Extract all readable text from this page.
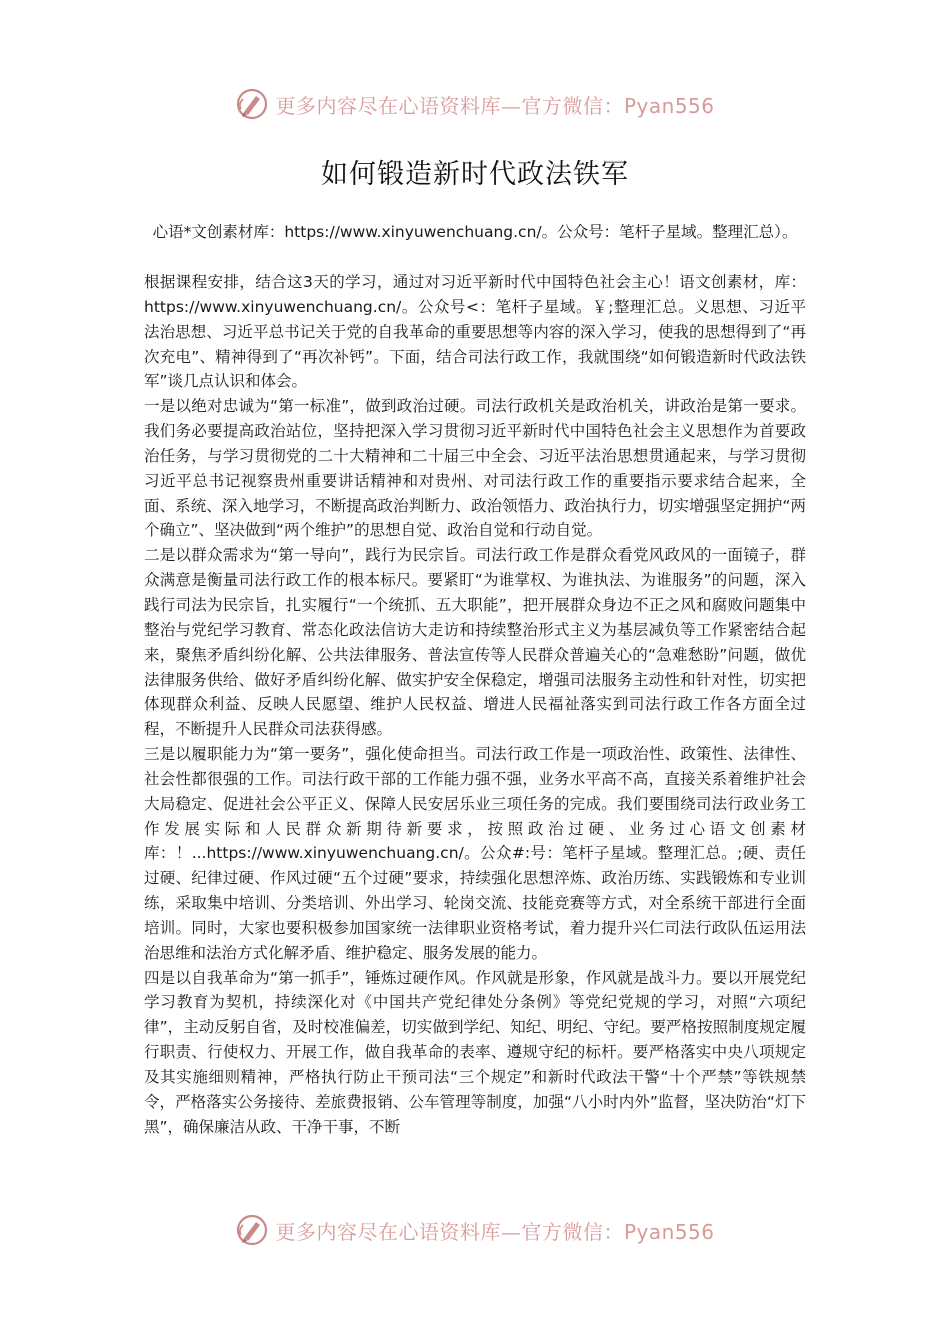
更多内容尽在心语资料库—官方微信：Pyan556
如何锻造新时代政法铁军
心语*文创素材库：https://www.xinyuwenchuang.cn/。公众号：笔杆子星域。整理汇总）。

根据课程安排，结合这3天的学习，通过对习近平新时代中国特色社会主心！语文创素材，库：https://www.xinyuwenchuang.cn/。公众号<：笔杆子星域。￥;整理汇总。义思想、习近平法治思想、习近平总书记关于党的自我革命的重要思想等内容的深入学习，使我的思想得到了“再次充电”、精神得到了“再次补钙”。下面，结合司法行政工作，我就围绕“如何锻造新时代政法铁军”谈几点认识和体会。

一是以绝对忠诚为“第一标准”，做到政治过硬。司法行政机关是政治机关，讲政治是第一要求。我们务必要提高政治站位，坚持把深入学习贯彻习近平新时代中国特色社会主义思想作为首要政治任务，与学习贯彻党的二十大精神和二十届三中全会、习近平法治思想贯通起来，与学习贯彻习近平总书记视察贵州重要讲话精神和对贵州、对司法行政工作的重要指示要求结合起来，全面、系统、深入地学习，不断提高政治判断力、政治领悟力、政治执行力，切实增强坚定拥护“两个确立”、坚决做到“两个维护”的思想自觉、政治自觉和行动自觉。

二是以群众需求为“第一导向”，践行为民宗旨。司法行政工作是群众看党风政风的一面镜子，群众满意是衡量司法行政工作的根本标尺。要紧盯“为谁掌权、为谁执法、为谁服务”的问题，深入践行司法为民宗旨，扎实履行“一个统抓、五大职能”，把开展群众身边不正之风和腐败问题集中整治与党纪学习教育、常态化政法信访大走访和持续整治形式主义为基层减负等工作紧密结合起来，聚焦矛盾纠纷化解、公共法律服务、普法宣传等人民群众普遍关心的“急难愁盼”问题，做优法律服务供给、做好矛盾纠纷化解、做实护安全保稳定，增强司法服务主动性和针对性，切实把体现群众利益、反映人民愿望、维护人民权益、增进人民福祉落实到司法行政工作各方面全过程，不断提升人民群众司法获得感。

三是以履职能力为“第一要务”，强化使命担当。司法行政工作是一项政治性、政策性、法律性、社会性都很强的工作。司法行政干部的工作能力强不强，业务水平高不高，直接关系着维护社会大局稳定、促进社会公平正义、保障人民安居乐业三项任务的完成。我们要围绕司法行政业务工作发展实际和人民群众新期待新要求，按照政治过硬、业务过心语文创素材库：！...https://www.xinyuwenchuang.cn/。公众#:号：笔杆子星域。整理汇总。;硬、责任过硬、纪律过硬、作风过硬“五个过硬”要求，持续强化思想淬炼、政治历练、实践锻炼和专业训练，采取集中培训、分类培训、外出学习、轮岗交流、技能竞赛等方式，对全系统干部进行全面培训。同时，大家也要积极参加国家统一法律职业资格考试，着力提升兴仁司法行政队伍运用法治思维和法治方式化解矛盾、维护稳定、服务发展的能力。

四是以自我革命为“第一抓手”，锤炼过硬作风。作风就是形象，作风就是战斗力。要以开展党纪学习教育为契机，持续深化对《中国共产党纪律处分条例》等党纪党规的学习，对照“六项纪律”，主动反躬自省，及时校准偏差，切实做到学纪、知纪、明纪、守纪。要严格按照制度规定履行职责、行使权力、开展工作，做自我革命的表率、遵规守纪的标杆。要严格落实中央八项规定及其实施细则精神，严格执行防止干预司法“三个规定”和新时代政法干警“十个严禁”等铁规禁令，严格落实公务接待、差旅费报销、公车管理等制度，加强“八小时内外”监督，坚决防治“灯下黑”，确保廉洁从政、干净干事，不断

更多内容尽在心语资料库—官方微信：Pyan556
